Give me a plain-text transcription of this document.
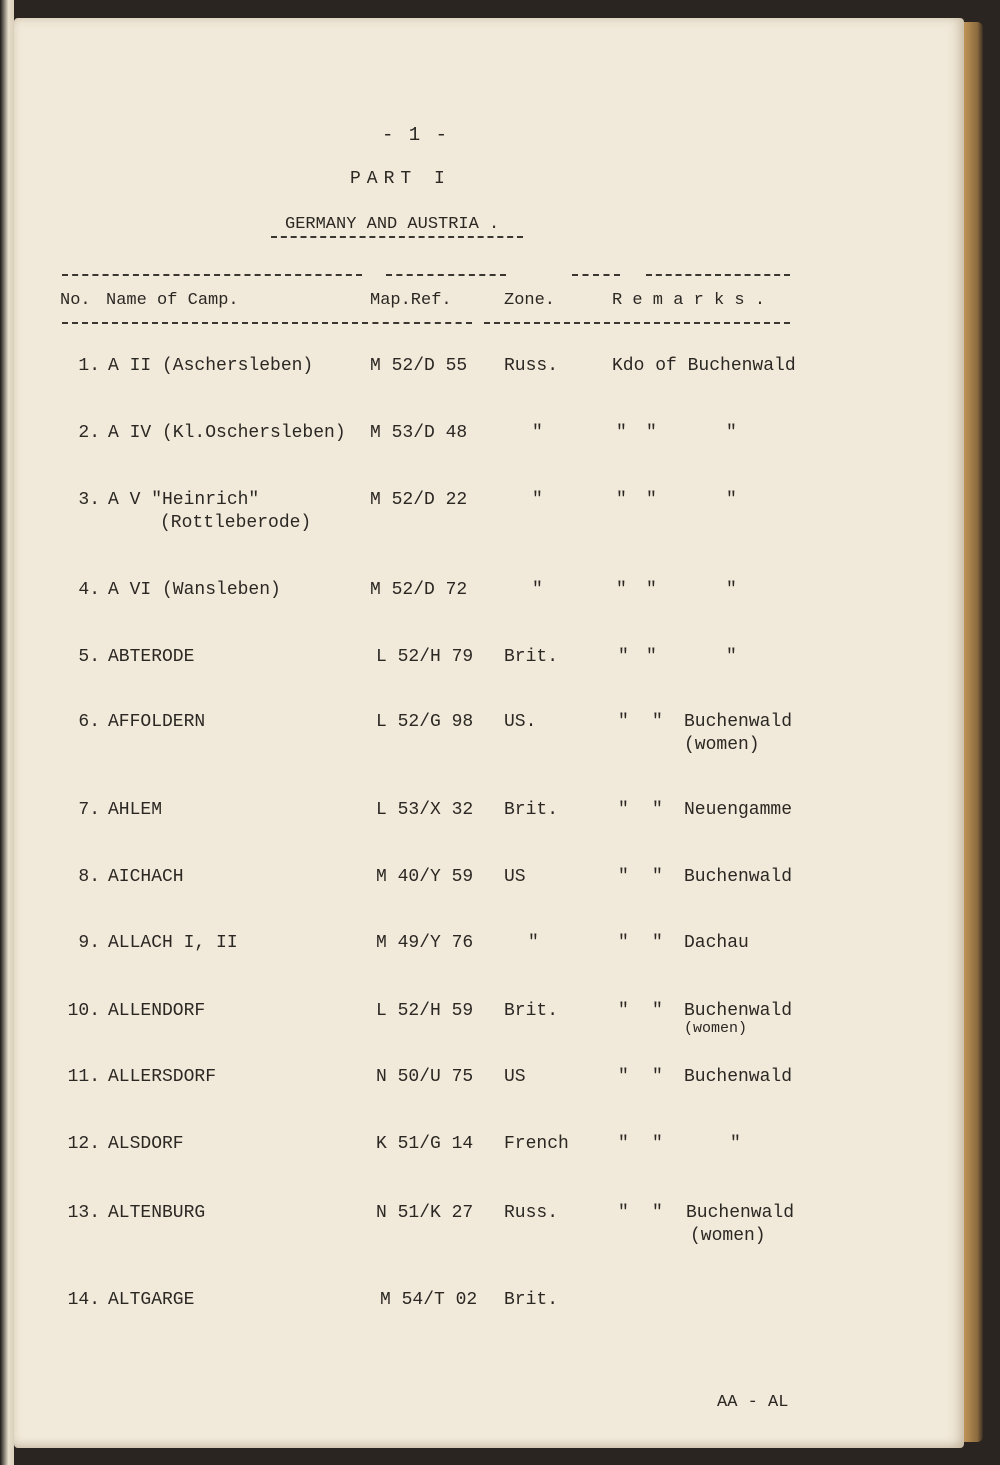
- 1 -
PART I
GERMANY AND AUSTRIA .
No. Name of Camp.	Map.Ref.	Zone.	R e m a r k s .
1. A II (Aschersleben)	M 52/D 55 Russ.	Kdo of Buchenwald
2. A IV (Kl.Oschersleben) M 53/D 48	"	" "	"
3. A V "Heinrich"
(Rottleberode)
M 52/D 22	"	" "	"
4. A VI (Wansleben)	M 52/D 72	"	" "	"
5. ABTERODE	L 52/H 79 Brit.	" "	"
6. AFFOLDERN	L 52/G 98 US.	" " Buchenwald
(women)
7. AHLEM	L 53/X 32 Brit.	" " Neuengamme
8. AICHACH	M 40/Y 59 US	" " Buchenwald
9. ALLACH I, II	M 49/Y 76	"	" " Dachau
10. ALLENDORF	L 52/H 59 Brit.	" " Buchenwald
(women)
11. ALLERSDORF	N 50/U 75 US	" " Buchenwald
12. ALSDORF	K 51/G 14 French	" "	"
13. ALTENBURG	N 51/K 27 Russ.	" " Buchenwald
(women)
14. ALTGARGE	M 54/T 02 Brit.
AA - AL
